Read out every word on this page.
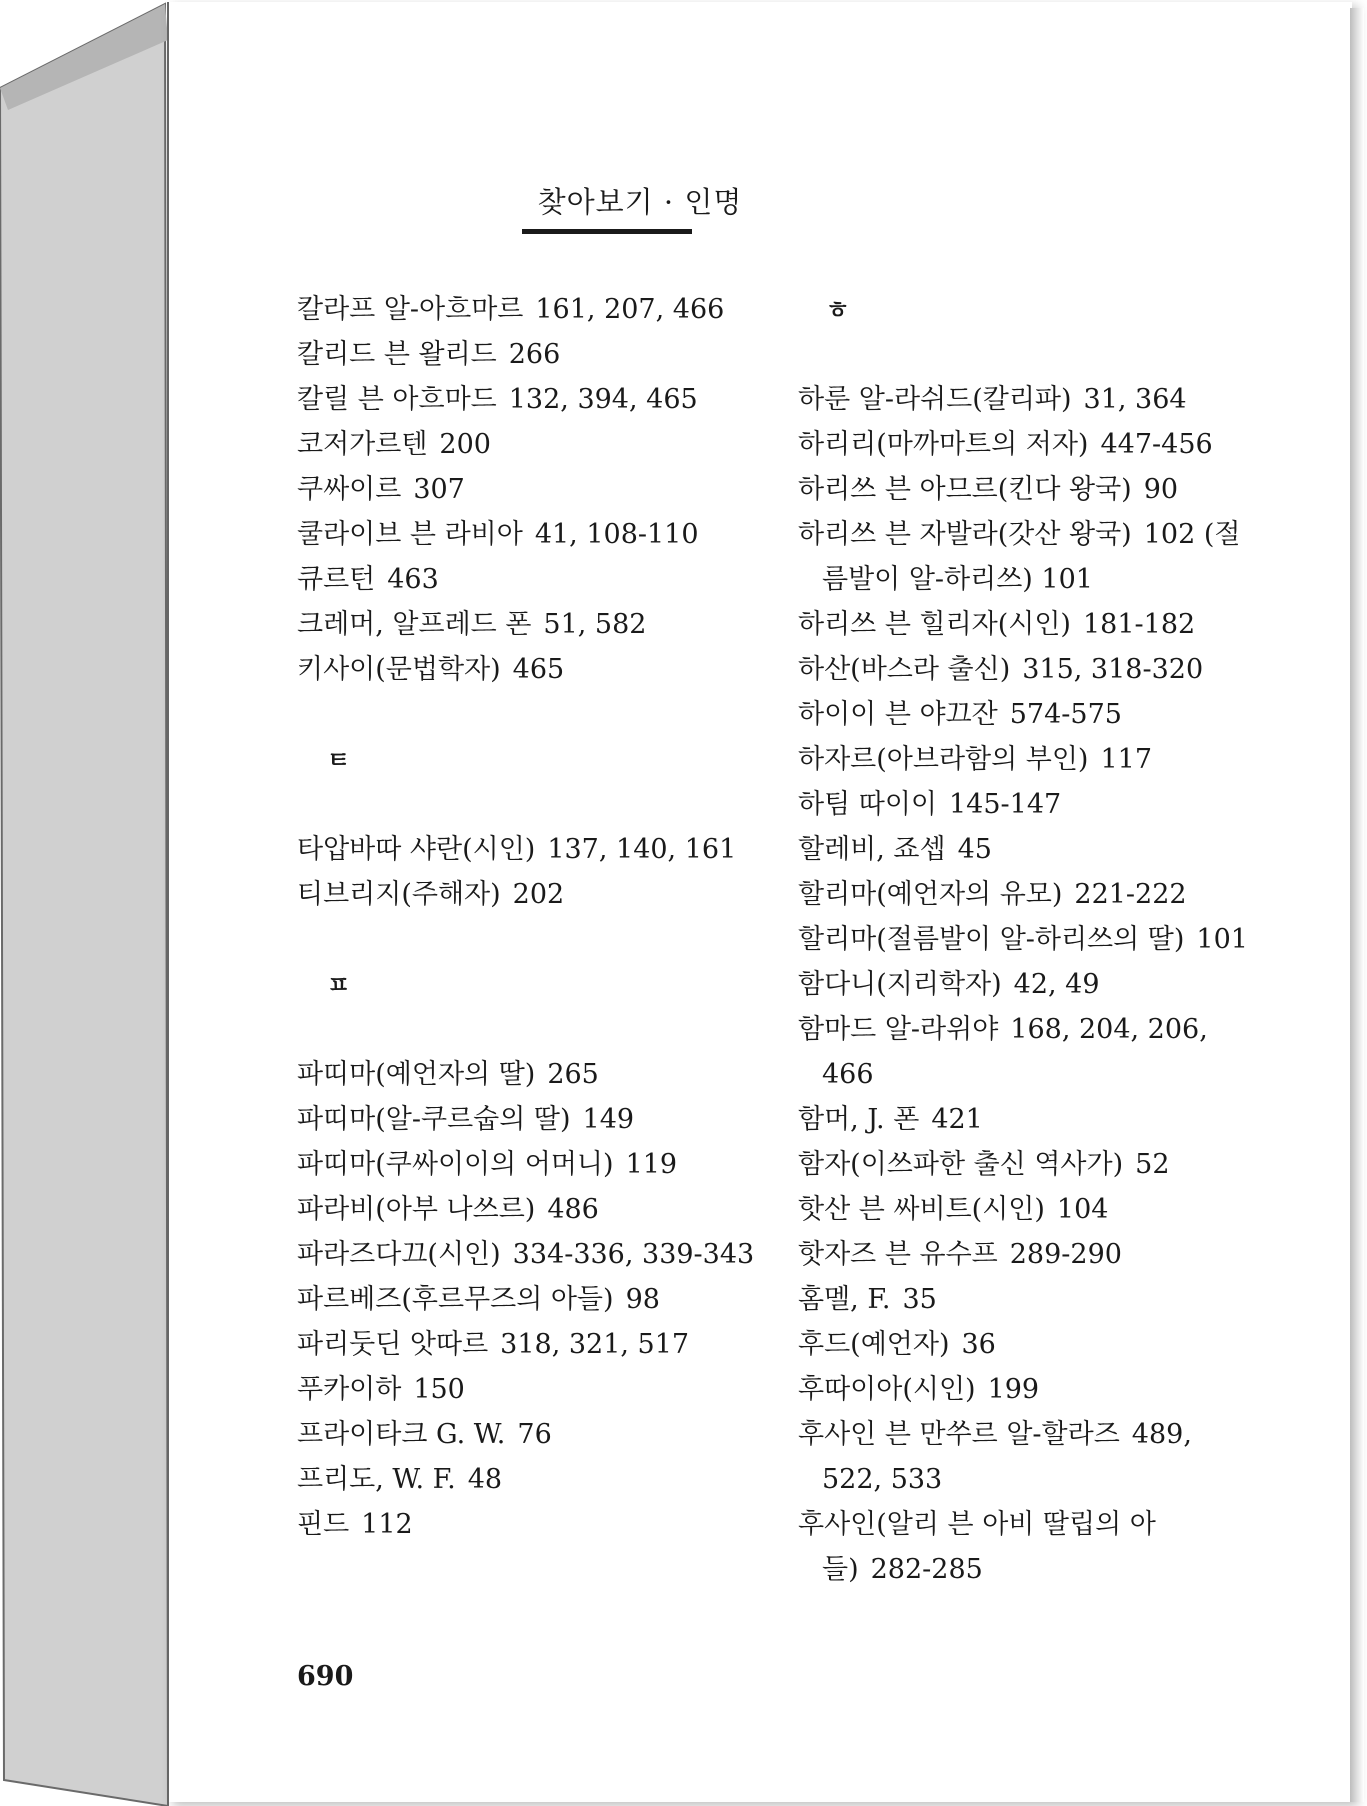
찾아보기 · 인명
칼라프 알-아흐마르 161, 207, 466
칼리드 븐 왈리드 266
칼릴 븐 아흐마드 132, 394, 465
코저가르텐 200
쿠싸이르 307
쿨라이브 븐 라비아 41, 108-110
큐르턴 463
크레머, 알프레드 폰 51, 582
키사이(문법학자) 465
ㅌ
타압바따 샤란(시인) 137, 140, 161
티브리지(주해자) 202
ㅍ
파띠마(예언자의 딸) 265
파띠마(알-쿠르숩의 딸) 149
파띠마(쿠싸이이의 어머니) 119
파라비(아부 나쓰르) 486
파라즈다끄(시인) 334-336, 339-343
파르베즈(후르무즈의 아들) 98
파리둣딘 앗따르 318, 321, 517
푸카이하 150
프라이타크 G. W. 76
프리도, W. F. 48
핀드 112
ㅎ
하룬 알-라쉬드(칼리파) 31, 364
하리리(마까마트의 저자) 447-456
하리쓰 븐 아므르(킨다 왕국) 90
하리쓰 븐 자발라(갓산 왕국) 102 (절름발이 알-하리쓰) 101
하리쓰 븐 힐리자(시인) 181-182
하산(바스라 출신) 315, 318-320
하이이 븐 야끄잔 574-575
하자르(아브라함의 부인) 117
하팀 따이이 145-147
할레비, 죠셉 45
할리마(예언자의 유모) 221-222
할리마(절름발이 알-하리쓰의 딸) 101
함다니(지리학자) 42, 49
함마드 알-라위야 168, 204, 206, 466
함머, J. 폰 421
함자(이쓰파한 출신 역사가) 52
핫산 븐 싸비트(시인) 104
핫자즈 븐 유수프 289-290
홈멜, F. 35
후드(예언자) 36
후따이아(시인) 199
후사인 븐 만쑤르 알-할라즈 489, 522, 533
후사인(알리 븐 아비 딸립의 아들) 282-285
690
